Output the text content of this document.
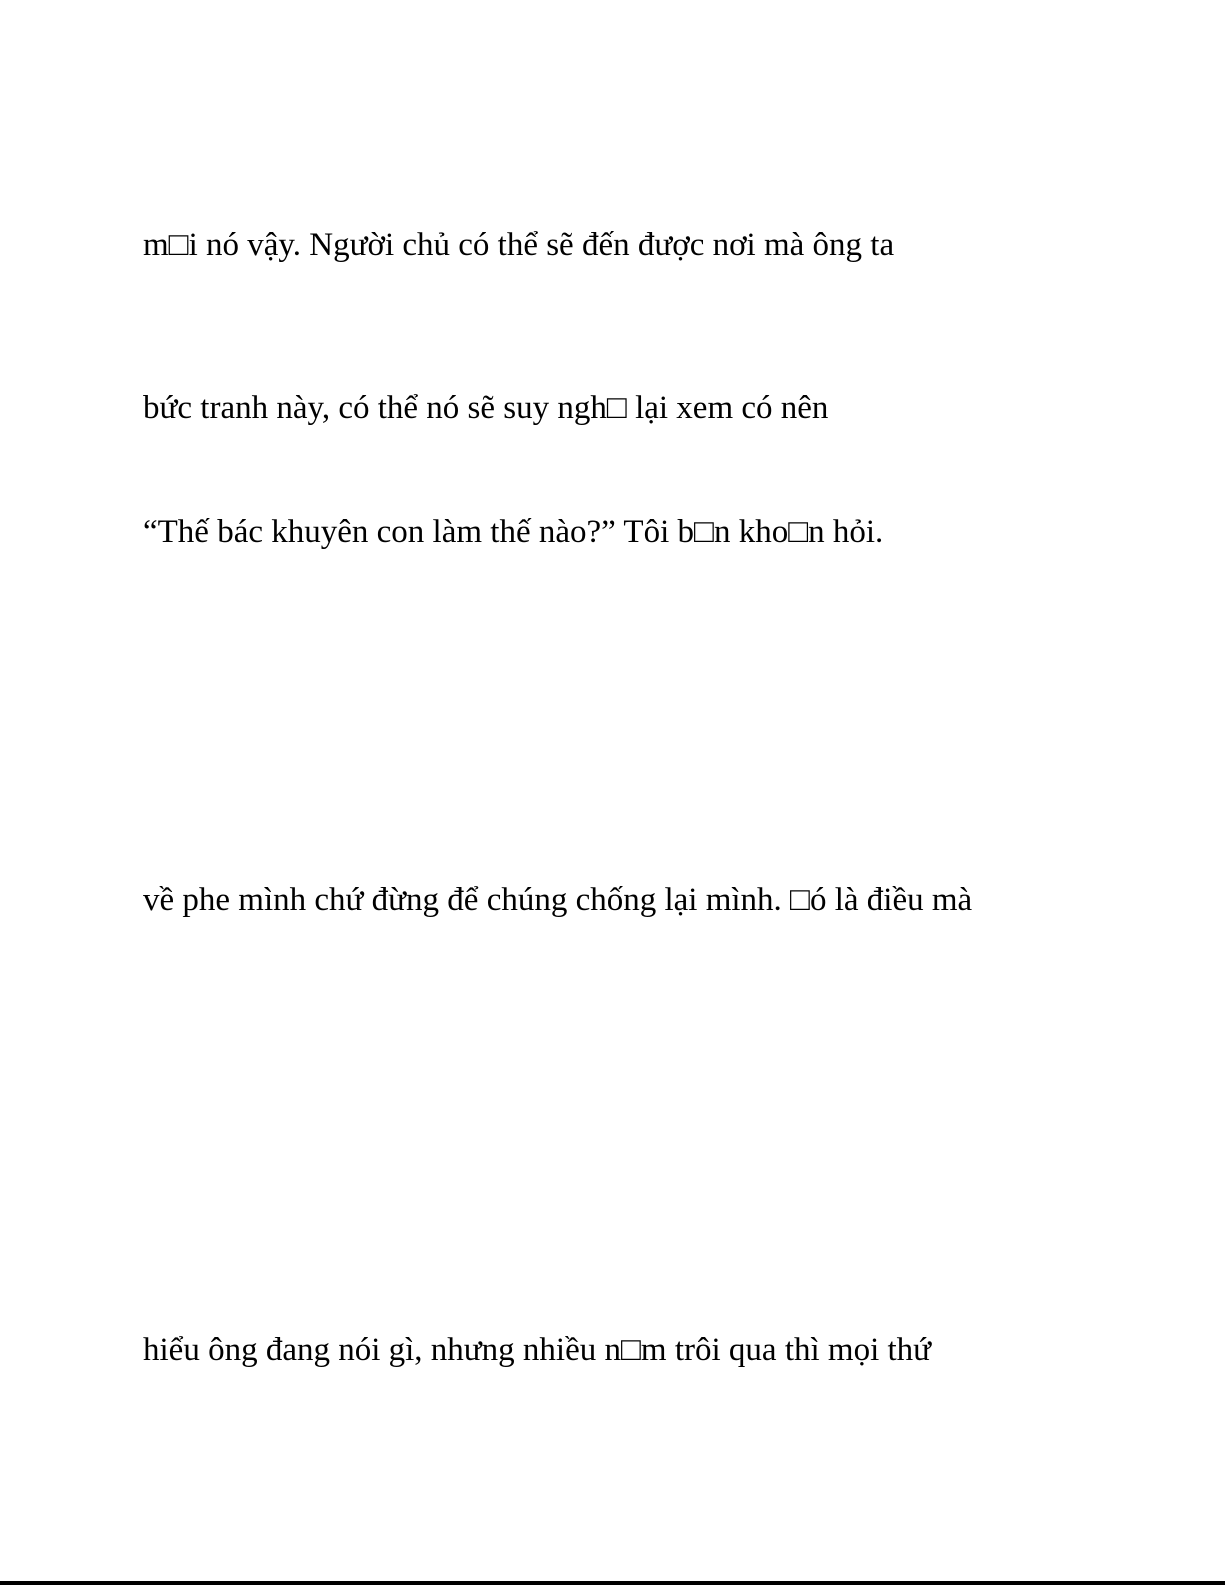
m□i nó vậy. Người chủ có thể sẽ đến được nơi mà ông ta

bức tranh này, có thể nó sẽ suy ngh□ lại xem có nên

“Thế bác khuyên con làm thế nào?” Tôi b□n kho□n hỏi.

về phe mình chứ đừng để chúng chống lại mình. □ó là điều mà

hiểu ông đang nói gì, nhưng nhiều n□m trôi qua thì mọi thứ
